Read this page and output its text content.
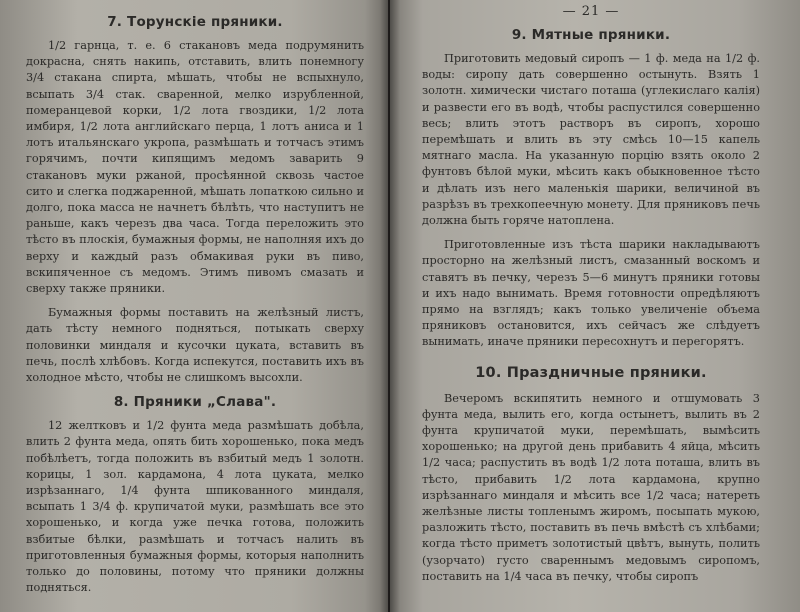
7. Торунскіе пряники.

1/2 гарнца, т. е. 6 стакановъ меда подрумянить докрасна, снять накипь, отставить, влить понемногу 3/4 стакана спирта, мѣшать, чтобы не вспыхнуло, всыпать 3/4 стак. сваренной, мелко изрубленной, померанцевой корки, 1/2 лота гвоздики, 1/2 лота имбиря, 1/2 лота английскаго перца, 1 лотъ аниса и 1 лотъ итальянскаго укропа, размѣшать и тотчасъ этимъ горячимъ, почти кипящимъ медомъ заварить 9 стакановъ муки ржаной, просѣянной сквозь частое сито и слегка поджаренной, мѣшать лопаткою сильно и долго, пока масса не начнетъ бѣлѣть, что наступитъ не раньше, какъ черезъ два часа. Тогда переложить это тѣсто въ плоскія, бумажныя формы, не наполняя ихъ до верху и каждый разъ обмакивая руки въ пиво, вскипяченное съ медомъ. Этимъ пивомъ смазать и сверху также пряники.

Бумажныя формы поставить на желѣзный листъ, дать тѣсту немного подняться, потыкать сверху половинки миндаля и кусочки цуката, вставить въ печь, послѣ хлѣбовъ. Когда испекутся, поставить ихъ въ холодное мѣсто, чтобы не слишкомъ высохли.

8. Пряники „Слава".

12 желтковъ и 1/2 фунта меда размѣшать добѣла, влить 2 фунта меда, опять бить хорошенько, пока медъ побѣлѣетъ, тогда положить въ взбитый медъ 1 золотн. корицы, 1 зол. кардамона, 4 лота цуката, мелко изрѣзаннаго, 1/4 фунта шпикованного миндаля, всыпать 1 3/4 ф. крупичатой муки, размѣшать все это хорошенько, и когда уже печка готова, положить взбитые бѣлки, размѣшать и тотчасъ налить въ приготовленныя бумажныя формы, которыя наполнить только до половины, потому что пряники должны подняться.

— 21 —
9. Мятные пряники.

Приготовить медовый сиропъ — 1 ф. меда на 1/2 ф. воды: сиропу дать совершенно остынуть. Взять 1 золотн. химически чистаго поташа (углекислаго калія) и развести его въ водѣ, чтобы распустился совершенно весь; влить этотъ растворъ въ сиропъ, хорошо перемѣшать и влить въ эту смѣсь 10—15 капель мятнаго масла. На указанную порцію взять около 2 фунтовъ бѣлой муки, мѣсить какъ обыкновенное тѣсто и дѣлать изъ него маленькія шарики, величиной въ разрѣзъ въ трехкопеечную монету. Для пряниковъ печь должна быть горяче натоплена.

Приготовленные изъ тѣста шарики накладываютъ просторно на желѣзный листъ, смазанный воскомъ и ставятъ въ печку, черезъ 5—6 минутъ пряники готовы и ихъ надо вынимать. Время готовности опредѣляютъ прямо на взглядъ; какъ только увеличеніе объема пряниковъ остановится, ихъ сейчасъ же слѣдуетъ вынимать, иначе пряники пересохнутъ и перегорятъ.

10. Праздничные пряники.

Вечеромъ вскипятить немного и отшумовать 3 фунта меда, вылить его, когда остынетъ, вылить въ 2 фунта крупичатой муки, перемѣшать, вымѣсить хорошенько; на другой день прибавить 4 яйца, мѣсить 1/2 часа; распустить въ водѣ 1/2 лота поташа, влить въ тѣсто, прибавить 1/2 лота кардамона, крупно изрѣзаннаго миндаля и мѣсить все 1/2 часа; натереть желѣзные листы топленымъ жиромъ, посыпать мукою, разложить тѣсто, поставить въ печь вмѣстѣ съ хлѣбами; когда тѣсто приметъ золотистый цвѣтъ, вынуть, полить (узорчато) густо свареннымъ медовымъ сиропомъ, поставить на 1/4 часа въ печку, чтобы сиропъ
